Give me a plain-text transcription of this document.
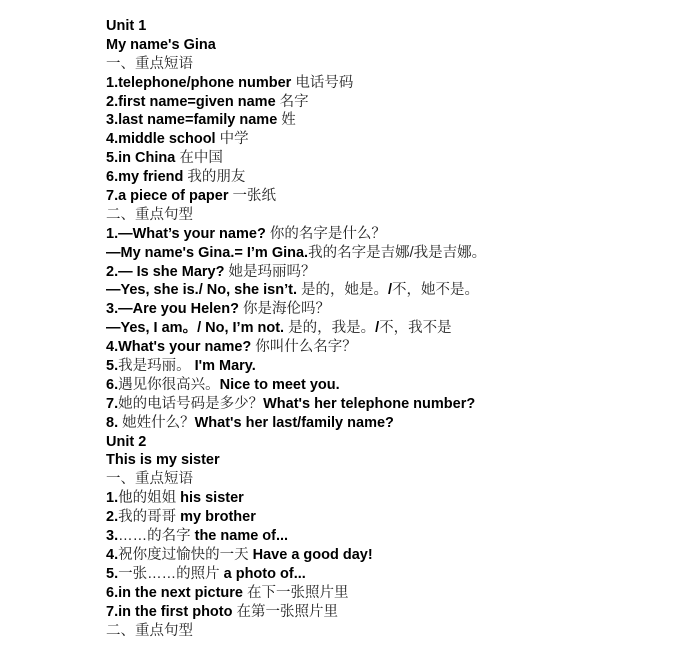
Unit 1
My name's Gina
一、重点短语
1.telephone/phone number 电话号码
2.first name=given name 名字
3.last name=family name 姓
4.middle school 中学
5.in China 在中国
6.my friend 我的朋友
7.a piece of paper 一张纸
二、重点句型
1.—What’s your name? 你的名字是什么？
—My name's Gina.= I’m Gina.我的名字是吉娜/我是吉娜。
2.— Is she Mary? 她是玛丽吗？
—Yes, she is./ No, she isn’t. 是的，她是。/不，她不是。
3.—Are you Helen? 你是海伦吗？
—Yes, I am。/ No, I’m not. 是的，我是。/不，我不是
4.What's your name? 你叫什么名字？
5.我是玛丽。 I'm Mary.
6.遇见你很高兴。Nice to meet you.
7.她的电话号码是多少？What's her telephone number?
8. 她姓什么？What's her last/family name?
Unit 2
This is my sister
一、重点短语
1.他的姐姐 his sister
2.我的哥哥 my brother
3.……的名字 the name of...
4.祝你度过愉快的一天 Have a good day!
5.一张……的照片 a photo of...
6.in the next picture 在下一张照片里
7.in the first photo 在第一张照片里
二、重点句型
